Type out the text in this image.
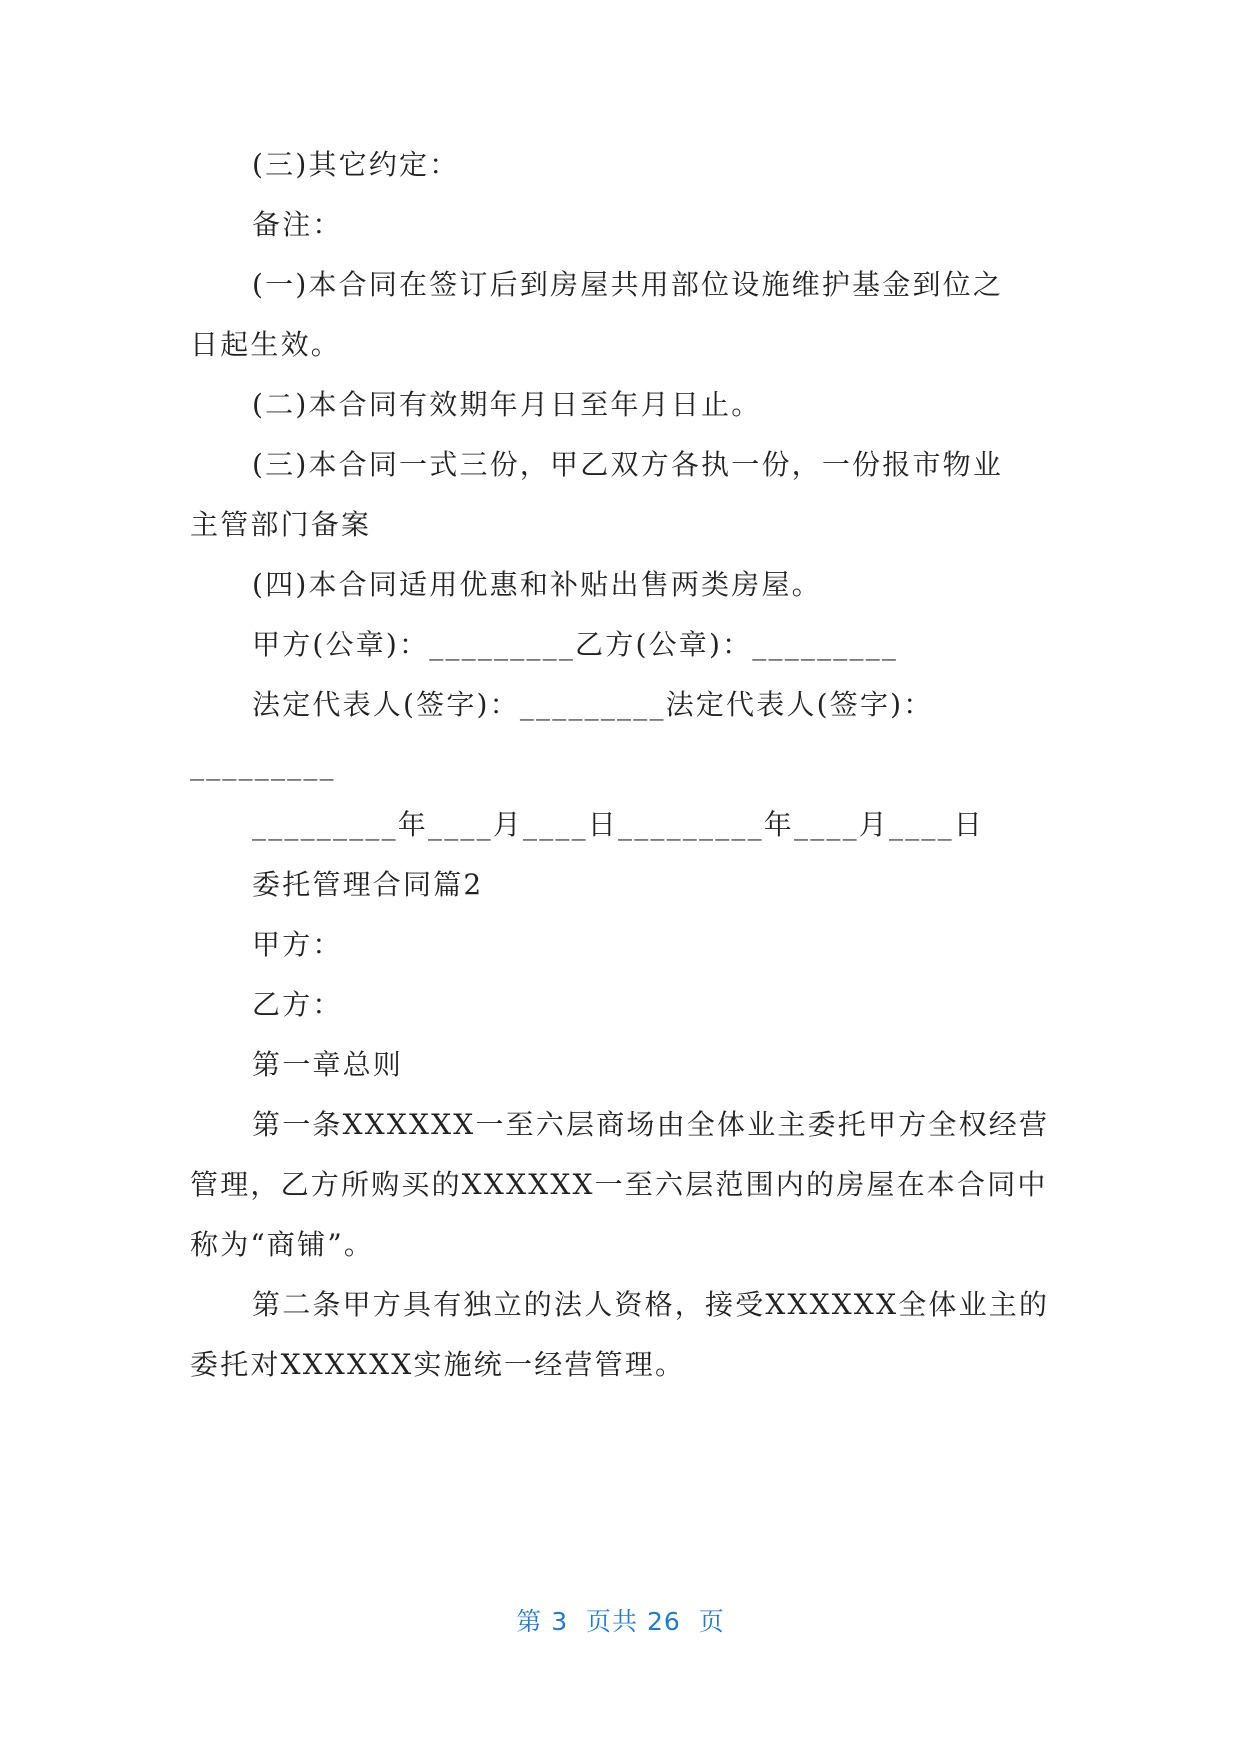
(三)其它约定：
备注：
(一)本合同在签订后到房屋共用部位设施维护基金到位之
日起生效。
(二)本合同有效期年月日至年月日止。
(三)本合同一式三份，甲乙双方各执一份，一份报市物业
主管部门备案
(四)本合同适用优惠和补贴出售两类房屋。
甲方(公章)：_________乙方(公章)：_________
法定代表人(签字)：_________法定代表人(签字)：
_________
_________年____月____日_________年____月____日
委托管理合同篇2
甲方：
乙方：
第一章总则
第一条XXXXXX一至六层商场由全体业主委托甲方全权经营
管理，乙方所购买的XXXXXX一至六层范围内的房屋在本合同中
称为“商铺”。
第二条甲方具有独立的法人资格，接受XXXXXX全体业主的
委托对XXXXXX实施统一经营管理。
第 3  页共 26  页
